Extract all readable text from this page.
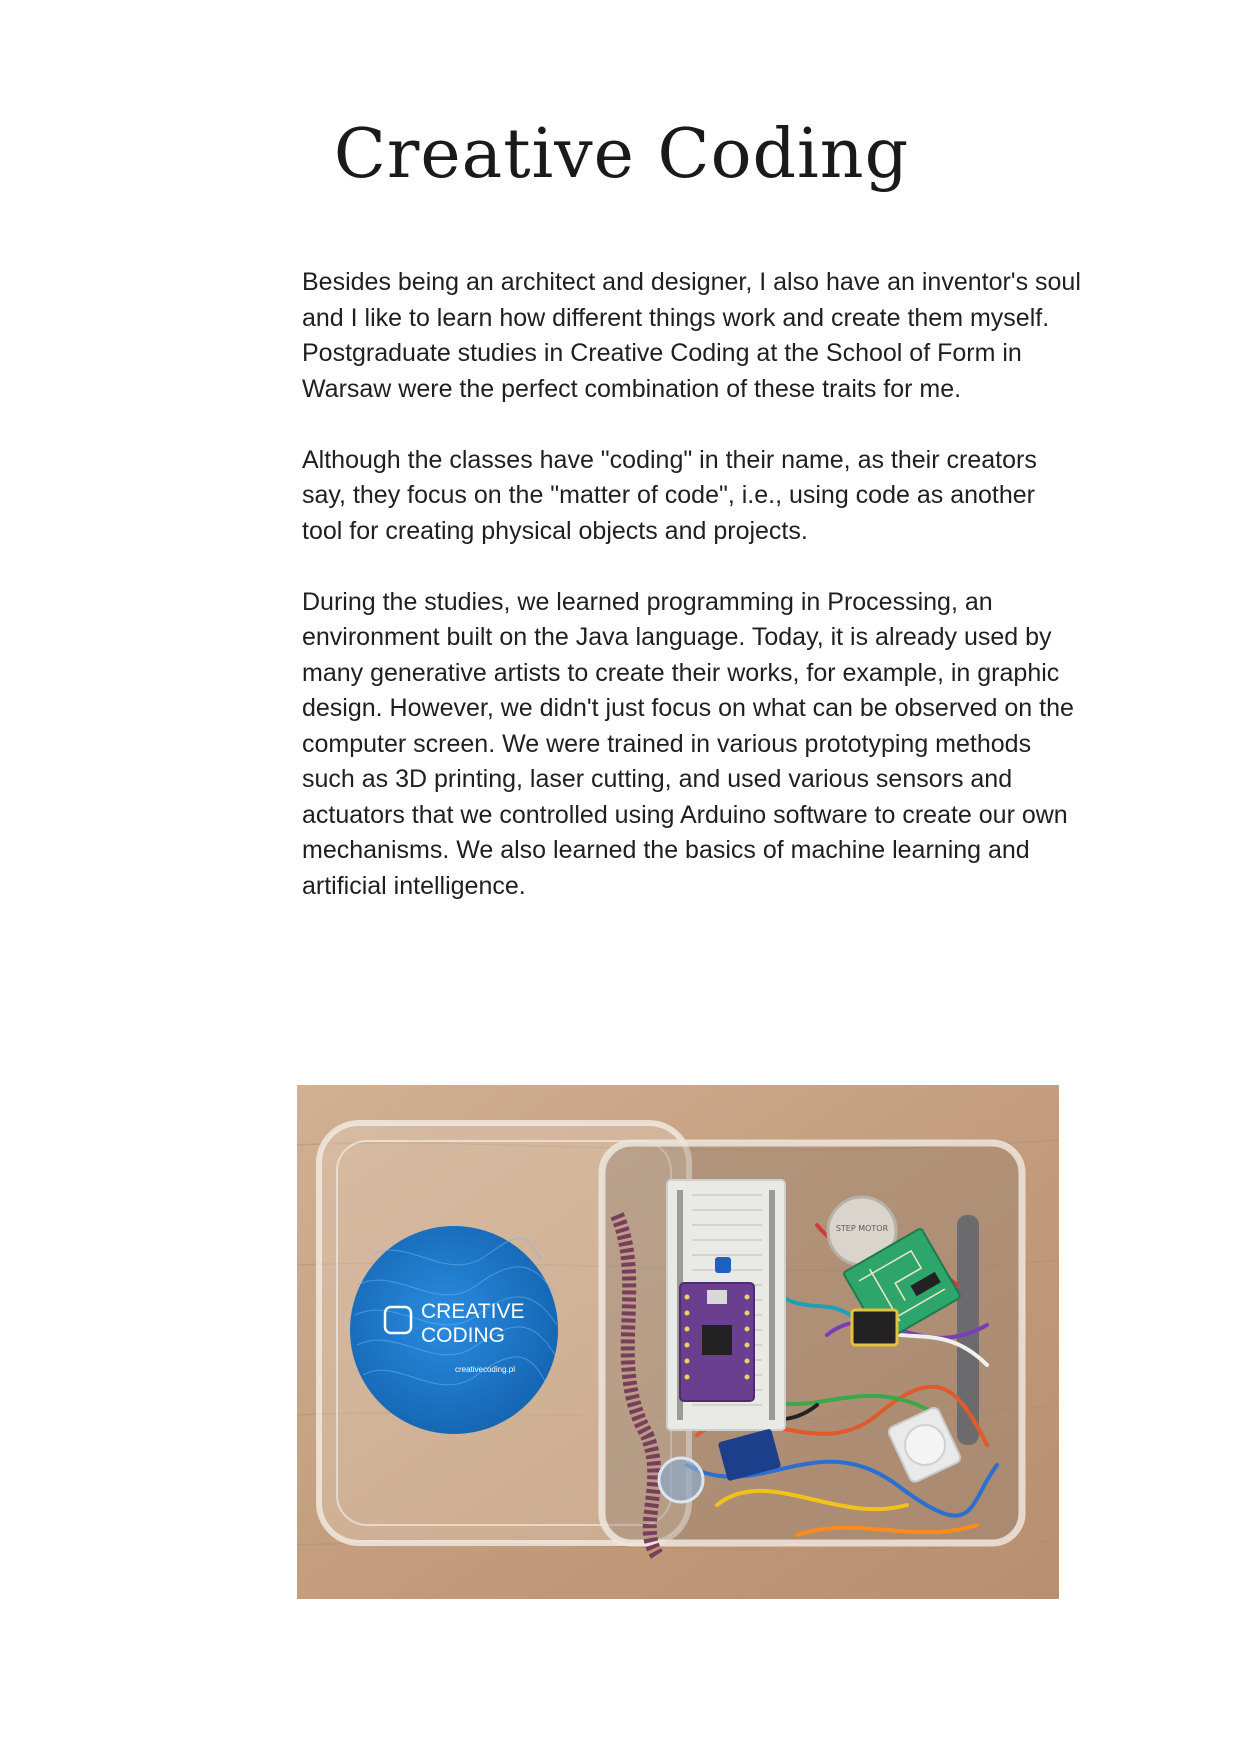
Creative Coding

Besides being an architect and designer, I also have an inventor's soul and I like to learn how different things work and create them myself. Postgraduate studies in Creative Coding at the School of Form in Warsaw were the perfect combination of these traits for me.

Although the classes have "coding" in their name, as their creators say, they focus on the "matter of code", i.e., using code as another tool for creating physical objects and projects.

During the studies, we learned programming in Processing, an environment built on the Java language. Today, it is already used by many generative artists to create their works, for example, in graphic design. However, we didn't just focus on what can be observed on the computer screen. We were trained in various prototyping methods such as 3D printing, laser cutting, and used various sensors and actuators that we controlled using Arduino software to create our own mechanisms. We also learned the basics of machine learning and artificial intelligence.

STEP MOTOR
CREATIVE
CODING
creativecoding.pl
